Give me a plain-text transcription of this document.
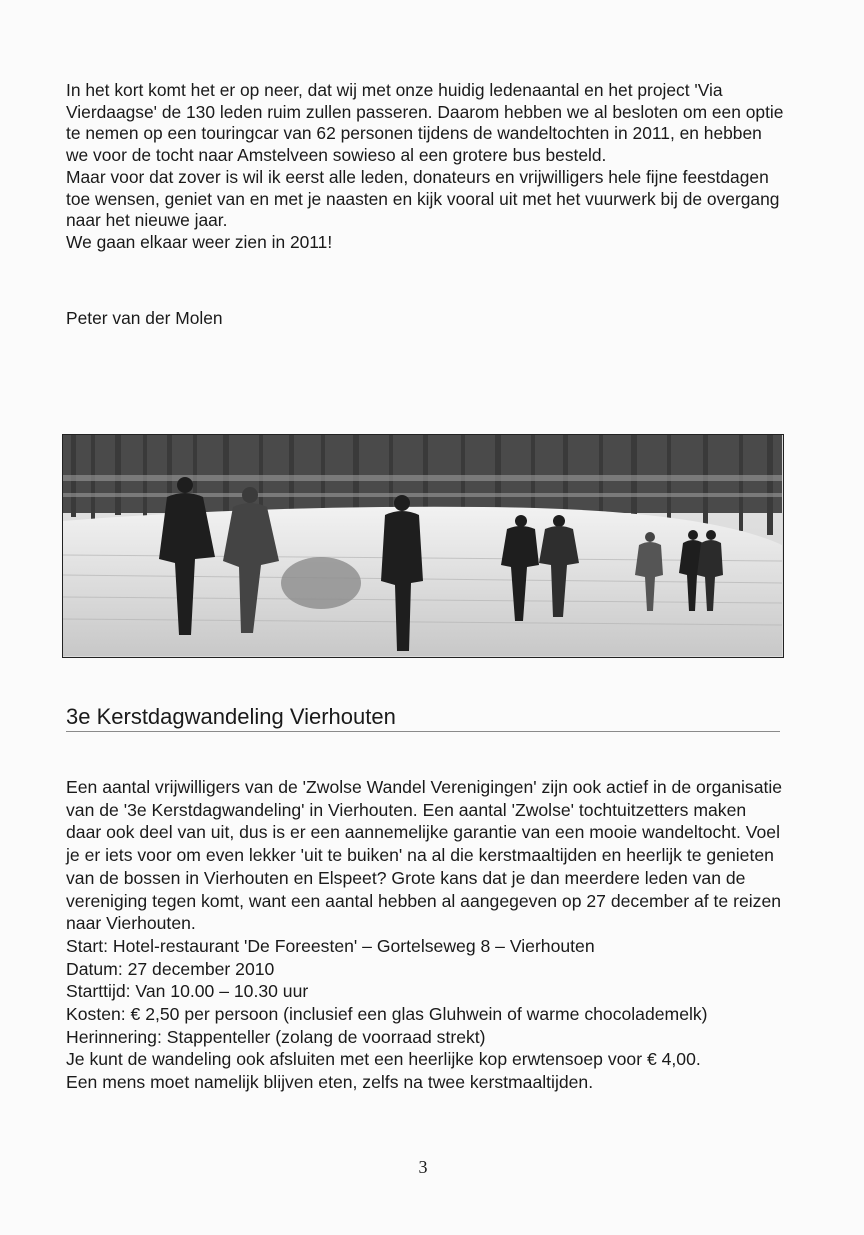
In het kort komt het er op neer, dat wij met onze huidig ledenaantal en het project 'Via Vierdaagse' de 130 leden ruim zullen passeren. Daarom hebben we al besloten om een optie te nemen op een touringcar van 62 personen tijdens de wandeltochten in 2011, en hebben we voor de tocht naar Amstelveen sowieso al een grotere bus besteld.

Maar voor dat zover is wil ik eerst alle leden, donateurs en vrijwilligers hele fijne feestdagen toe wensen, geniet van en met je naasten en kijk vooral uit met het vuurwerk bij de overgang naar het nieuwe jaar.

We gaan elkaar weer zien in 2011!

Peter van der Molen

3e Kerstdagwandeling Vierhouten

Een aantal vrijwilligers van de 'Zwolse Wandel Verenigingen' zijn ook actief in de organisatie van de '3e Kerstdagwandeling' in Vierhouten. Een aantal 'Zwolse' tochtuitzetters maken daar ook deel van uit, dus is er een aannemelijke garantie van een mooie wandeltocht. Voel je er iets voor om even lekker 'uit te buiken' na al die kerstmaaltijden en heerlijk te genieten van de bossen in Vierhouten en Elspeet? Grote kans dat je dan meerdere leden van de vereniging tegen komt, want een aantal hebben al aangegeven op 27 december af te reizen naar Vierhouten.

Start: Hotel-restaurant 'De Foreesten' – Gortelseweg 8 – Vierhouten

Datum: 27 december 2010

Starttijd: Van 10.00 – 10.30 uur

Kosten: € 2,50 per persoon (inclusief een glas Gluhwein of warme chocolademelk)

Herinnering: Stappenteller (zolang de voorraad strekt)

Je kunt de wandeling ook afsluiten met een heerlijke kop erwtensoep voor € 4,00.

Een mens moet namelijk blijven eten, zelfs na twee kerstmaaltijden.

3
